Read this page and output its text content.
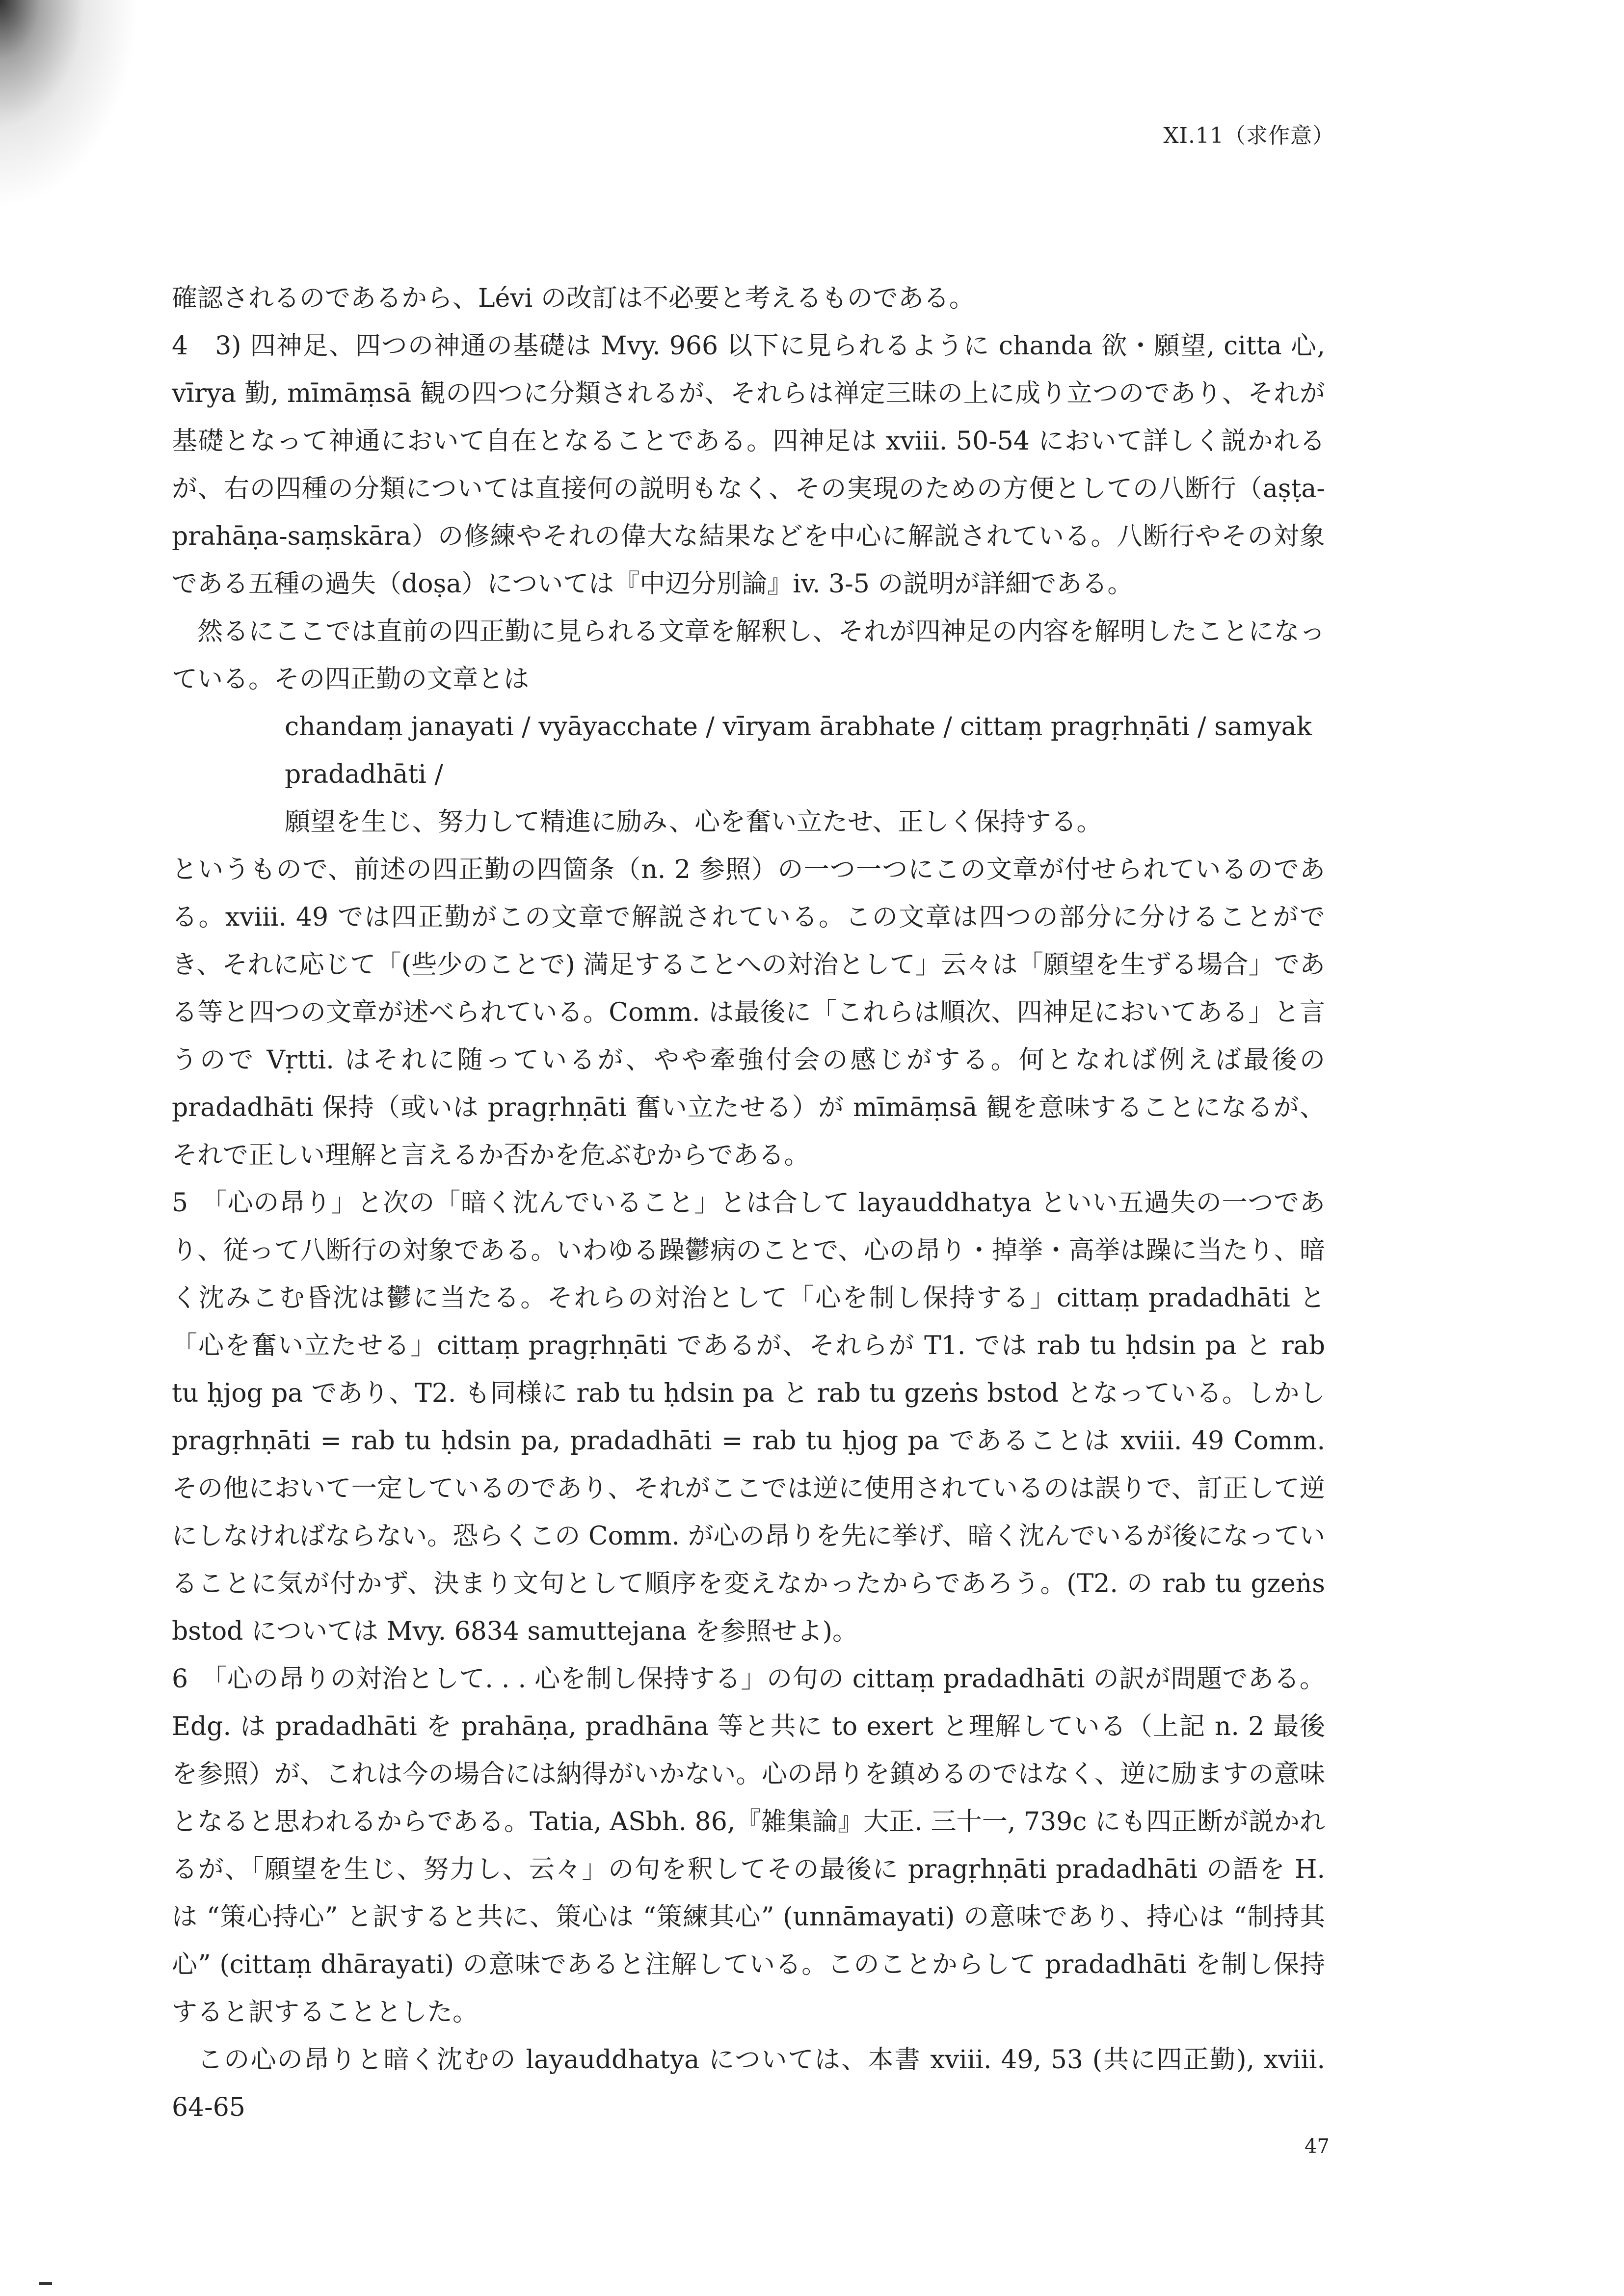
XI.11（求作意）

確認されるのであるから、Lévi の改訂は不必要と考えるものである。

4　3) 四神足、四つの神通の基礎は Mvy. 966 以下に見られるように chanda 欲・願望, citta 心, vīrya 勤, mīmāṃsā 観の四つに分類されるが、それらは禅定三昧の上に成り立つのであり、それが基礎となって神通において自在となることである。四神足は xviii. 50-54 において詳しく説かれるが、右の四種の分類については直接何の説明もなく、その実現のための方便としての八断行（aṣṭa-prahāṇa-saṃskāra）の修練やそれの偉大な結果などを中心に解説されている。八断行やその対象である五種の過失（doṣa）については『中辺分別論』iv. 3-5 の説明が詳細である。

然るにここでは直前の四正勤に見られる文章を解釈し、それが四神足の内容を解明したことになっている。その四正勤の文章とは

chandaṃ janayati / vyāyacchate / vīryam ārabhate / cittaṃ pragṛhṇāti / samyak pradadhāti /

願望を生じ、努力して精進に励み、心を奮い立たせ、正しく保持する。

というもので、前述の四正勤の四箇条（n. 2 参照）の一つ一つにこの文章が付せられているのである。xviii. 49 では四正勤がこの文章で解説されている。この文章は四つの部分に分けることができ、それに応じて「(些少のことで) 満足することへの対治として」云々は「願望を生ずる場合」である等と四つの文章が述べられている。Comm. は最後に「これらは順次、四神足においてある」と言うので Vṛtti. はそれに随っているが、やや牽強付会の感じがする。何となれば例えば最後の pradadhāti 保持（或いは pragṛhṇāti 奮い立たせる）が mīmāṃsā 観を意味することになるが、それで正しい理解と言えるか否かを危ぶむからである。

5　「心の昂り」と次の「暗く沈んでいること」とは合して layauddhatya といい五過失の一つであり、従って八断行の対象である。いわゆる躁鬱病のことで、心の昂り・掉挙・高挙は躁に当たり、暗く沈みこむ昏沈は鬱に当たる。それらの対治として「心を制し保持する」cittaṃ pradadhāti と「心を奮い立たせる」cittaṃ pragṛhṇāti であるが、それらが T1. では rab tu ḥdsin pa と rab tu ḥjog pa であり、T2. も同様に rab tu ḥdsin pa と rab tu gzeṅs bstod となっている。しかし pragṛhṇāti = rab tu ḥdsin pa, pradadhāti = rab tu ḥjog pa であることは xviii. 49 Comm. その他において一定しているのであり、それがここでは逆に使用されているのは誤りで、訂正して逆にしなければならない。恐らくこの Comm. が心の昂りを先に挙げ、暗く沈んでいるが後になっていることに気が付かず、決まり文句として順序を変えなかったからであろう。(T2. の rab tu gzeṅs bstod については Mvy. 6834 samuttejana を参照せよ)。

6　「心の昂りの対治として. . . 心を制し保持する」の句の cittaṃ pradadhāti の訳が問題である。Edg. は pradadhāti を prahāṇa, pradhāna 等と共に to exert と理解している（上記 n. 2 最後を参照）が、これは今の場合には納得がいかない。心の昂りを鎮めるのではなく、逆に励ますの意味となると思われるからである。Tatia, ASbh. 86,『雑集論』大正. 三十一, 739c にも四正断が説かれるが、「願望を生じ、努力し、云々」の句を釈してその最後に pragṛhṇāti pradadhāti の語を H. は “策心持心” と訳すると共に、策心は “策練其心” (unnāmayati) の意味であり、持心は “制持其心” (cittaṃ dhārayati) の意味であると注解している。このことからして pradadhāti を制し保持すると訳することとした。

この心の昂りと暗く沈むの layauddhatya については、本書 xviii. 49, 53 (共に四正勤), xviii. 64-65

47
